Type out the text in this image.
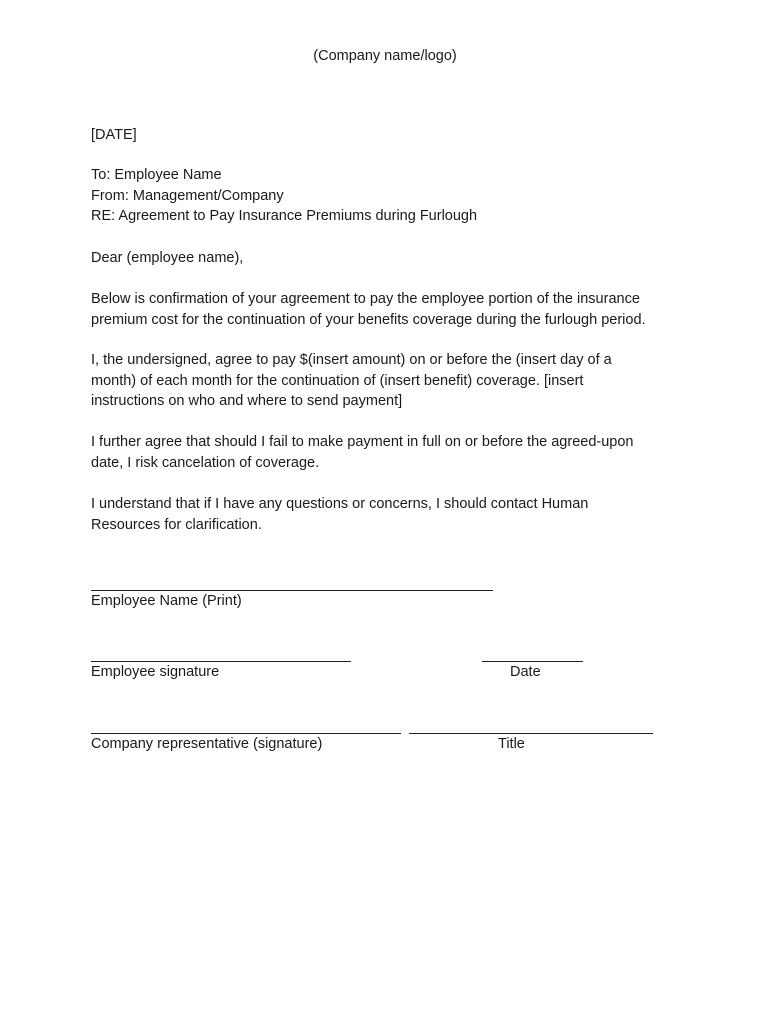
(Company name/logo)
[DATE]
To: Employee Name
From: Management/Company
RE: Agreement to Pay Insurance Premiums during Furlough
Dear (employee name),
Below is confirmation of your agreement to pay the employee portion of the insurance
premium cost for the continuation of your benefits coverage during the furlough period.
I, the undersigned, agree to pay $(insert amount) on or before the (insert day of a
month) of each month for the continuation of (insert benefit) coverage. [insert
instructions on who and where to send payment]
I further agree that should I fail to make payment in full on or before the agreed-upon
date, I risk cancelation of coverage.
I understand that if I have any questions or concerns, I should contact Human
Resources for clarification.
Employee Name (Print)
Employee signature	Date
Company representative (signature)	Title
